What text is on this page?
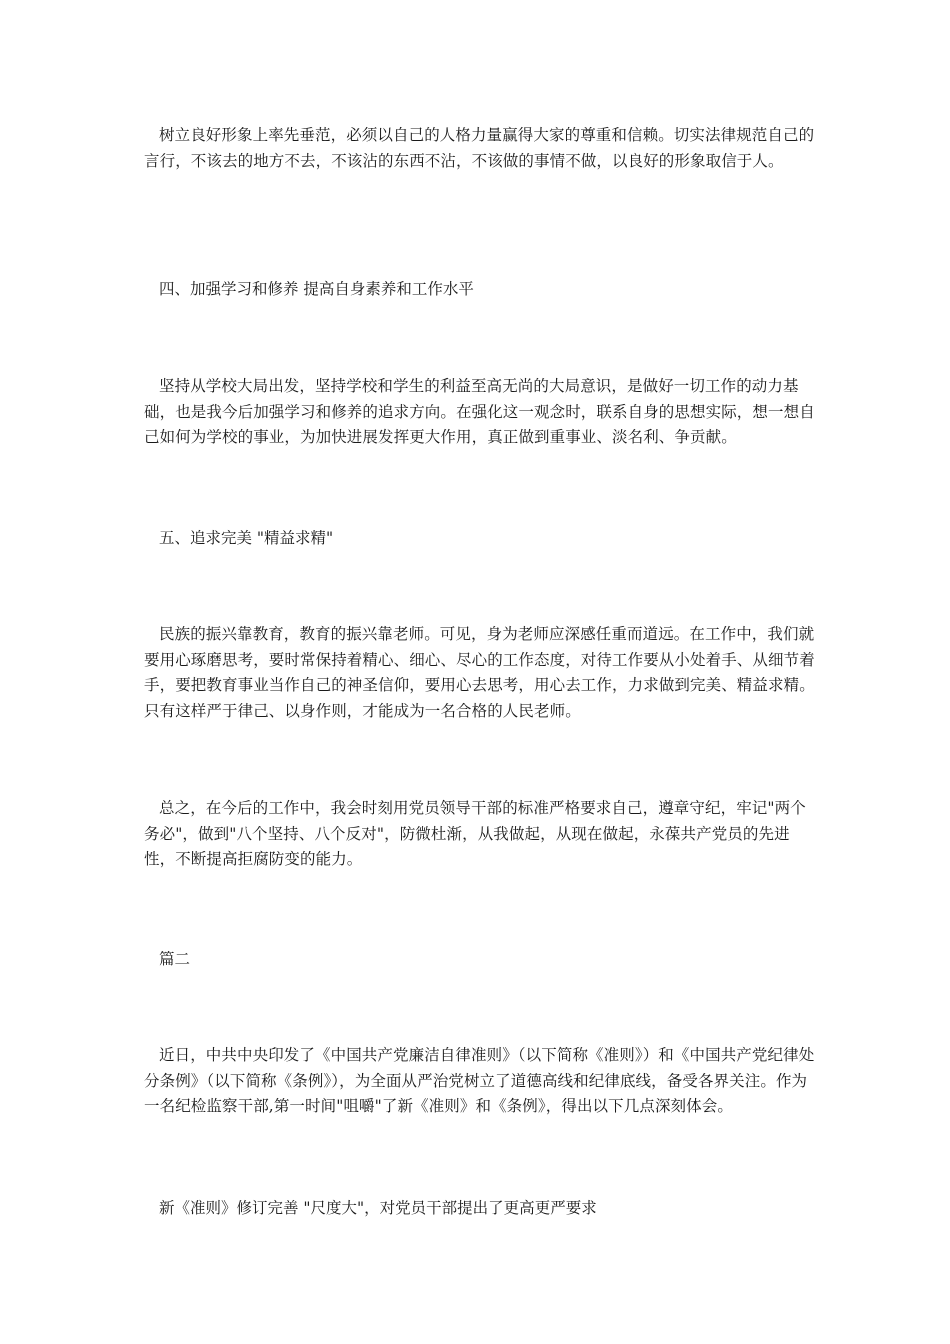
树立良好形象上率先垂范，必须以自己的人格力量赢得大家的尊重和信赖。切实法律规范自己的言行，不该去的地方不去，不该沾的东西不沾，不该做的事情不做，以良好的形象取信于人。

四、加强学习和修养 提高自身素养和工作水平

坚持从学校大局出发，坚持学校和学生的利益至高无尚的大局意识，是做好一切工作的动力基础，也是我今后加强学习和修养的追求方向。在强化这一观念时，联系自身的思想实际，想一想自己如何为学校的事业，为加快进展发挥更大作用，真正做到重事业、淡名利、争贡献。

五、追求完美 "精益求精"

民族的振兴靠教育，教育的振兴靠老师。可见，身为老师应深感任重而道远。在工作中，我们就要用心琢磨思考，要时常保持着精心、细心、尽心的工作态度，对待工作要从小处着手、从细节着手，要把教育事业当作自己的神圣信仰，要用心去思考，用心去工作，力求做到完美、精益求精。只有这样严于律己、以身作则，才能成为一名合格的人民老师。

总之，在今后的工作中，我会时刻用党员领导干部的标准严格要求自己，遵章守纪，牢记"两个务必"，做到"八个坚持、八个反对"，防微杜渐，从我做起，从现在做起，永葆共产党员的先进性，不断提高拒腐防变的能力。

篇二

近日，中共中央印发了《中国共产党廉洁自律准则》（以下简称《准则》）和《中国共产党纪律处分条例》（以下简称《条例》），为全面从严治党树立了道德高线和纪律底线，备受各界关注。作为一名纪检监察干部,第一时间"咀嚼"了新《准则》和《条例》，得出以下几点深刻体会。

新《准则》修订完善 "尺度大"，对党员干部提出了更高更严要求
